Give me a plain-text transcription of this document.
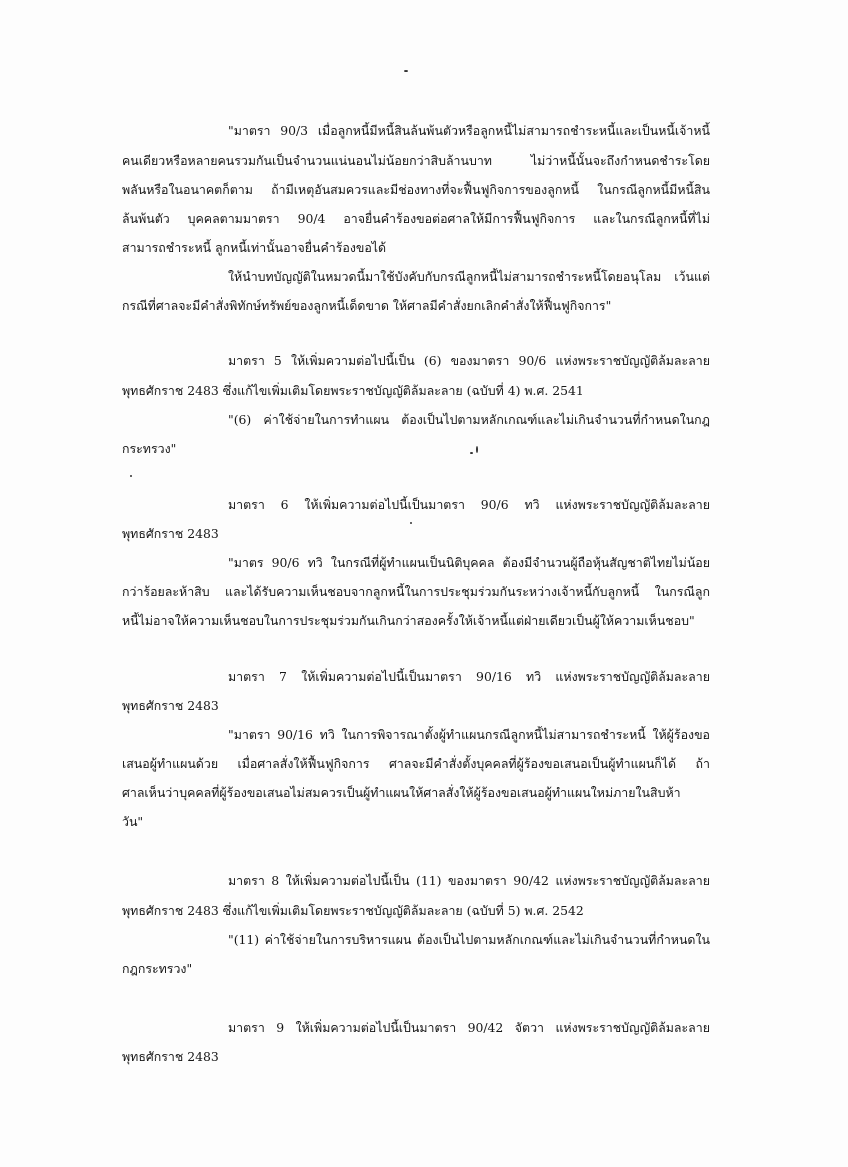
"มาตรา 90/3 เมื่อลูกหนี้มีหนี้สินล้นพ้นตัวหรือลูกหนี้ไม่สามารถชำระหนี้และเป็นหนี้เจ้าหนี้
คนเดียวหรือหลายคนรวมกันเป็นจำนวนแน่นอนไม่น้อยกว่าสิบล้านบาท ไม่ว่าหนี้นั้นจะถึงกำหนดชำระโดย
พลันหรือในอนาคตก็ตาม ถ้ามีเหตุอันสมควรและมีช่องทางที่จะฟื้นฟูกิจการของลูกหนี้ ในกรณีลูกหนี้มีหนี้สิน
ล้นพ้นตัว บุคคลตามมาตรา 90/4 อาจยื่นคำร้องขอต่อศาลให้มีการฟื้นฟูกิจการ และในกรณีลูกหนี้ที่ไม่
สามารถชำระหนี้ ลูกหนี้เท่านั้นอาจยื่นคำร้องขอได้
ให้นำบทบัญญัติในหมวดนี้มาใช้บังคับกับกรณีลูกหนี้ไม่สามารถชำระหนี้โดยอนุโลม เว้นแต่
กรณีที่ศาลจะมีคำสั่งพิทักษ์ทรัพย์ของลูกหนี้เด็ดขาด ให้ศาลมีคำสั่งยกเลิกคำสั่งให้ฟื้นฟูกิจการ"
มาตรา 5 ให้เพิ่มความต่อไปนี้เป็น (6) ของมาตรา 90/6 แห่งพระราชบัญญัติล้มละลาย
พุทธศักราช 2483 ซึ่งแก้ไขเพิ่มเติมโดยพระราชบัญญัติล้มละลาย (ฉบับที่ 4) พ.ศ. 2541
"(6) ค่าใช้จ่ายในการทำแผน ต้องเป็นไปตามหลักเกณฑ์และไม่เกินจำนวนที่กำหนดในกฎ
กระทรวง"
มาตรา 6 ให้เพิ่มความต่อไปนี้เป็นมาตรา 90/6 ทวิ แห่งพระราชบัญญัติล้มละลาย
พุทธศักราช 2483
"มาตร 90/6 ทวิ ในกรณีที่ผู้ทำแผนเป็นนิติบุคคล ต้องมีจำนวนผู้ถือหุ้นสัญชาติไทยไม่น้อย
กว่าร้อยละห้าสิบ และได้รับความเห็นชอบจากลูกหนี้ในการประชุมร่วมกันระหว่างเจ้าหนี้กับลูกหนี้ ในกรณีลูก
หนี้ไม่อาจให้ความเห็นชอบในการประชุมร่วมกันเกินกว่าสองครั้งให้เจ้าหนี้แต่ฝ่ายเดียวเป็นผู้ให้ความเห็นชอบ"
มาตรา 7 ให้เพิ่มความต่อไปนี้เป็นมาตรา 90/16 ทวิ แห่งพระราชบัญญัติล้มละลาย
พุทธศักราช 2483
"มาตรา 90/16 ทวิ ในการพิจารณาตั้งผู้ทำแผนกรณีลูกหนี้ไม่สามารถชำระหนี้ ให้ผู้ร้องขอ
เสนอผู้ทำแผนด้วย เมื่อศาลสั่งให้ฟื้นฟูกิจการ ศาลจะมีคำสั่งตั้งบุคคลที่ผู้ร้องขอเสนอเป็นผู้ทำแผนก็ได้ ถ้า
ศาลเห็นว่าบุคคลที่ผู้ร้องขอเสนอไม่สมควรเป็นผู้ทำแผนให้ศาลสั่งให้ผู้ร้องขอเสนอผู้ทำแผนใหม่ภายในสิบห้า
วัน"
มาตรา 8 ให้เพิ่มความต่อไปนี้เป็น (11) ของมาตรา 90/42 แห่งพระราชบัญญัติล้มละลาย
พุทธศักราช 2483 ซึ่งแก้ไขเพิ่มเติมโดยพระราชบัญญัติล้มละลาย (ฉบับที่ 5) พ.ศ. 2542
"(11) ค่าใช้จ่ายในการบริหารแผน ต้องเป็นไปตามหลักเกณฑ์และไม่เกินจำนวนที่กำหนดใน
กฎกระทรวง"
มาตรา 9 ให้เพิ่มความต่อไปนี้เป็นมาตรา 90/42 จัตวา แห่งพระราชบัญญัติล้มละลาย
พุทธศักราช 2483
